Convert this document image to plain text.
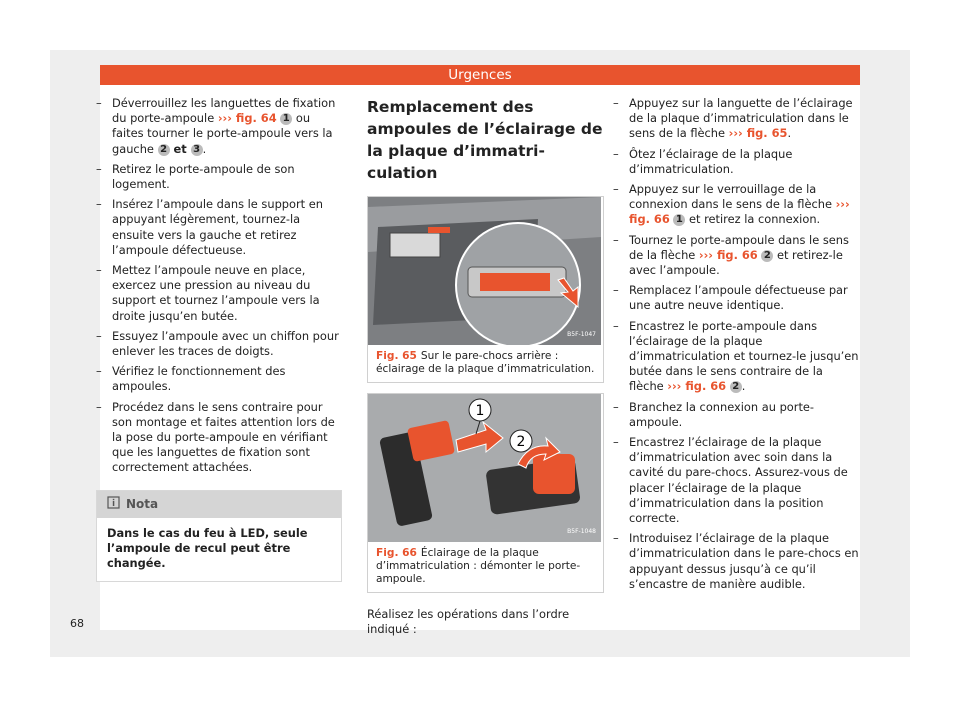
Urgences
– Déverrouillez les languettes de fixation du porte-ampoule ››› fig. 64 1 ou faites tourner le porte-ampoule vers la gauche 2 et 3 .
– Retirez le porte-ampoule de son logement.
– Insérez l’ampoule dans le support en appuyant légèrement, tournez-la ensuite vers la gauche et retirez l’ampoule défectueuse.
– Mettez l’ampoule neuve en place, exercez une pression au niveau du support et tournez l’ampoule vers la droite jusqu’en butée.
– Essuyez l’ampoule avec un chiffon pour enlever les traces de doigts.
– Vérifiez le fonctionnement des ampoules.
– Procédez dans le sens contraire pour son montage et faites attention lors de la pose du porte-ampoule en vérifiant que les languettes de fixation sont correctement attachées.
Nota
Dans le cas du feu à LED, seule l’ampoule de recul peut être changée.
Remplacement des ampoules de l’éclairage de la plaque d’immatriculation
B5F-1047
Fig. 65 Sur le pare-chocs arrière : éclairage de la plaque d’immatriculation.
1
2
B5F-1048
Fig. 66 Éclairage de la plaque d’immatriculation : démonter le porte-ampoule.
Réalisez les opérations dans l’ordre indiqué :
– Appuyez sur la languette de l’éclairage de la plaque d’immatriculation dans le sens de la flèche ››› fig. 65.
– Ôtez l’éclairage de la plaque d’immatriculation.
– Appuyez sur le verrouillage de la connexion dans le sens de la flèche ››› fig. 66 1 et retirez la connexion.
– Tournez le porte-ampoule dans le sens de la flèche ››› fig. 66 2 et retirez-le avec l’ampoule.
– Remplacez l’ampoule défectueuse par une autre neuve identique.
– Encastrez le porte-ampoule dans l’éclairage de la plaque d’immatriculation et tournez-le jusqu’en butée dans le sens contraire de la flèche ››› fig. 66 2 .
– Branchez la connexion au porte-ampoule.
– Encastrez l’éclairage de la plaque d’immatriculation avec soin dans la cavité du pare-chocs. Assurez-vous de placer l’éclairage de la plaque d’immatriculation dans la position correcte.
– Introduisez l’éclairage de la plaque d’immatriculation dans le pare-chocs en appuyant dessus jusqu’à ce qu’il s’encastre de manière audible.
68
